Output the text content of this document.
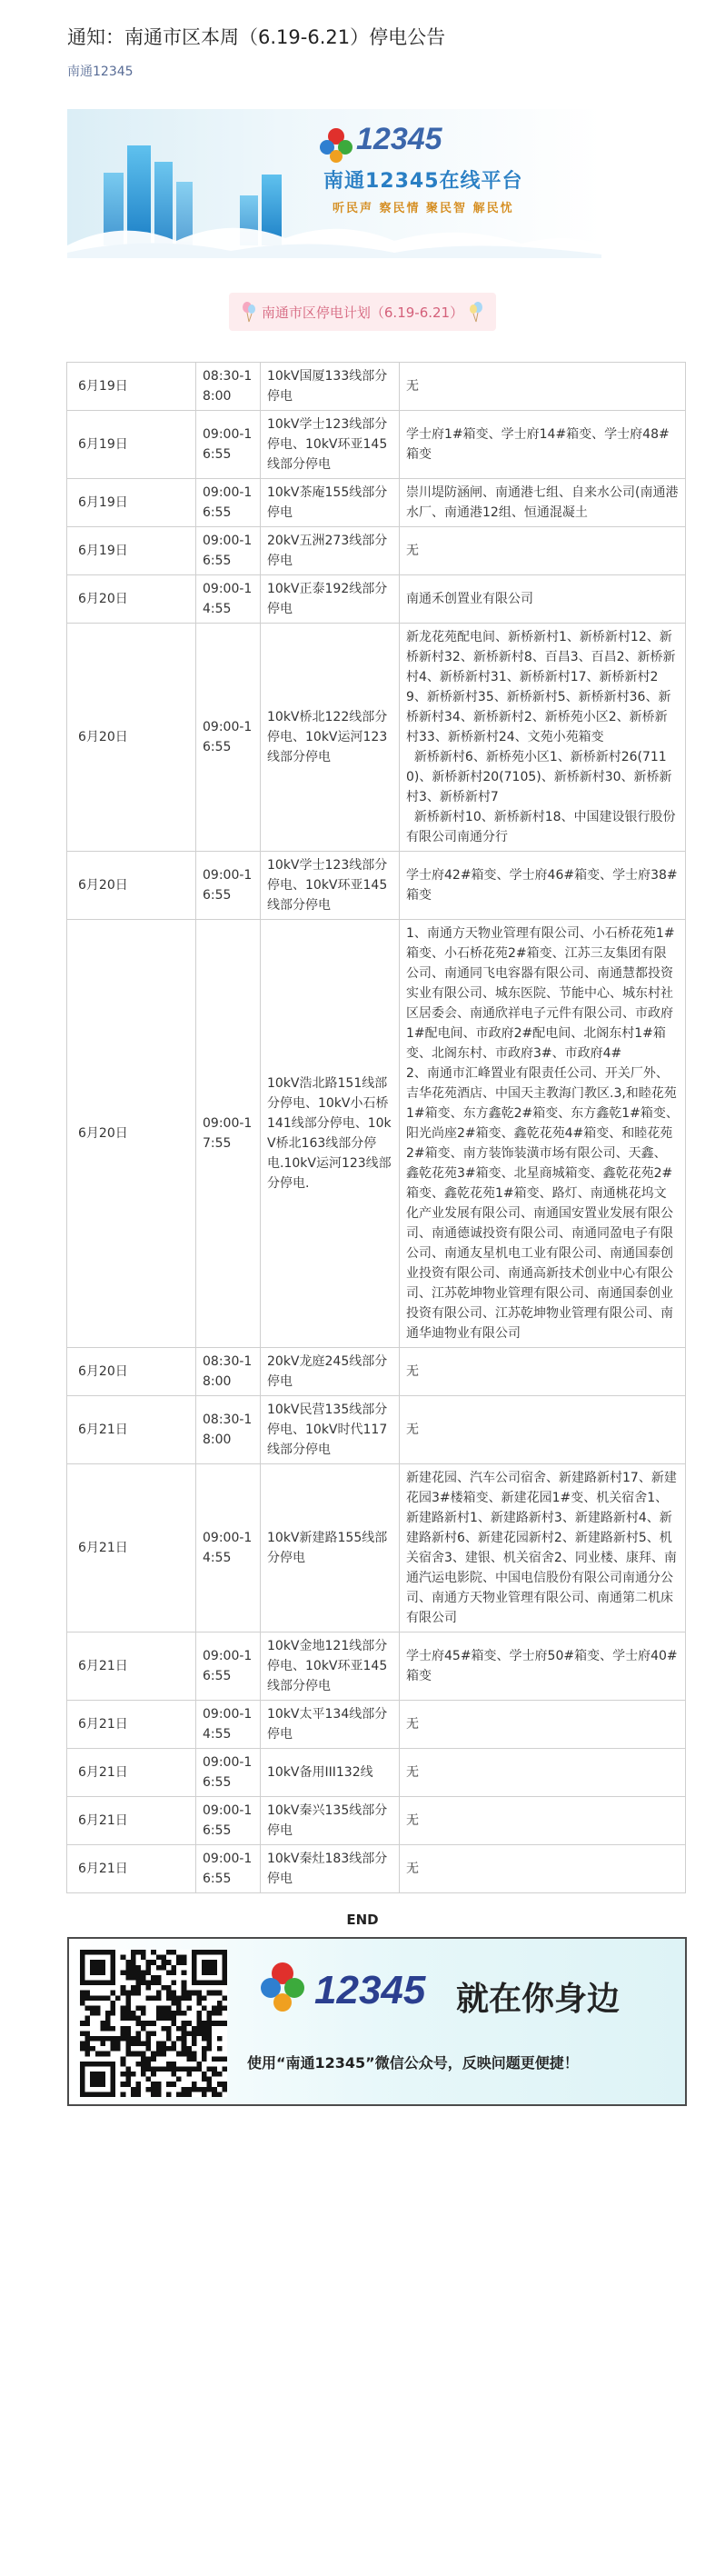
通知：南通市区本周（6.19-6.21）停电公告
南通12345
12345
南通12345在线平台
听民声 察民情 聚民智 解民忧
南通市区停电计划（6.19-6.21）
6月19日	08:30-18:00	10kV国厦133线部分停电	无
6月19日	09:00-16:55	10kV学士123线部分停电、10kV环亚145线部分停电	学士府1#箱变、学士府14#箱变、学士府48#箱变
6月19日	09:00-16:55	10kV茶庵155线部分停电	崇川堤防涵闸、南通港七组、自来水公司(南通港水厂、南通港12组、恒通混凝土
6月19日	09:00-16:55	20kV五洲273线部分停电	无
6月20日	09:00-14:55	10kV正泰192线部分停电	南通禾创置业有限公司
6月20日	09:00-16:55	10kV桥北122线部分停电、10kV运河123线部分停电	新龙花苑配电间、新桥新村1、新桥新村12、新桥新村32、新桥新村8、百昌3、百昌2、新桥新村4、新桥新村31、新桥新村17、新桥新村29、新桥新村35、新桥新村5、新桥新村36、新桥新村34、新桥新村2、新桥苑小区2、新桥新村33、新桥新村24、文苑小苑箱变
新桥新村6、新桥苑小区1、新桥新村26(7110)、新桥新村20(7105)、新桥新村30、新桥新村3、新桥新村7
新桥新村10、新桥新村18、中国建设银行股份有限公司南通分行
6月20日	09:00-16:55	10kV学士123线部分停电、10kV环亚145线部分停电	学士府42#箱变、学士府46#箱变、学士府38#箱变
6月20日	09:00-17:55	10kV浩北路151线部分停电、10kV小石桥141线部分停电、10kV桥北163线部分停电.10kV运河123线部分停电.	1、南通方天物业管理有限公司、小石桥花苑1#箱变、小石桥花苑2#箱变、江苏三友集团有限公司、南通同飞电容器有限公司、南通慧都投资实业有限公司、城东医院、节能中心、城东村社区居委会、南通欣祥电子元件有限公司、市政府1#配电间、市政府2#配电间、北阁东村1#箱变、北阁东村、市政府3#、市政府4#
2、南通市汇峰置业有限责任公司、开关厂外、吉华花苑酒店、中国天主教海门教区.3,和睦花苑1#箱变、东方鑫乾2#箱变、东方鑫乾1#箱变、阳光尚座2#箱变、鑫乾花苑4#箱变、和睦花苑2#箱变、南方装饰装潢市场有限公司、天鑫、鑫乾花苑3#箱变、北星商城箱变、鑫乾花苑2#箱变、鑫乾花苑1#箱变、路灯、南通桃花坞文化产业发展有限公司、南通国安置业发展有限公司、南通德诚投资有限公司、南通同盈电子有限公司、南通友星机电工业有限公司、南通国泰创业投资有限公司、南通高新技术创业中心有限公司、江苏乾坤物业管理有限公司、南通国泰创业投资有限公司、江苏乾坤物业管理有限公司、南通华迪物业有限公司
6月20日	08:30-18:00	20kV龙庭245线部分停电	无
6月21日	08:30-18:00	10kV民营135线部分停电、10kV时代117线部分停电	无
6月21日	09:00-14:55	10kV新建路155线部分停电	新建花园、汽车公司宿舍、新建路新村17、新建花园3#楼箱变、新建花园1#变、机关宿舍1、新建路新村1、新建路新村3、新建路新村4、新建路新村6、新建花园新村2、新建路新村5、机关宿舍3、建银、机关宿舍2、同业楼、康拜、南通汽运电影院、中国电信股份有限公司南通分公司、南通方天物业管理有限公司、南通第二机床有限公司
6月21日	09:00-16:55	10kV金地121线部分停电、10kV环亚145线部分停电	学士府45#箱变、学士府50#箱变、学士府40#箱变
6月21日	09:00-14:55	10kV太平134线部分停电	无
6月21日	09:00-16:55	10kV备用III132线	无
6月21日	09:00-16:55	10kV秦兴135线部分停电	无
6月21日	09:00-16:55	10kV秦灶183线部分停电	无
END
12345 就在你身边
使用“南通12345”微信公众号，反映问题更便捷！
